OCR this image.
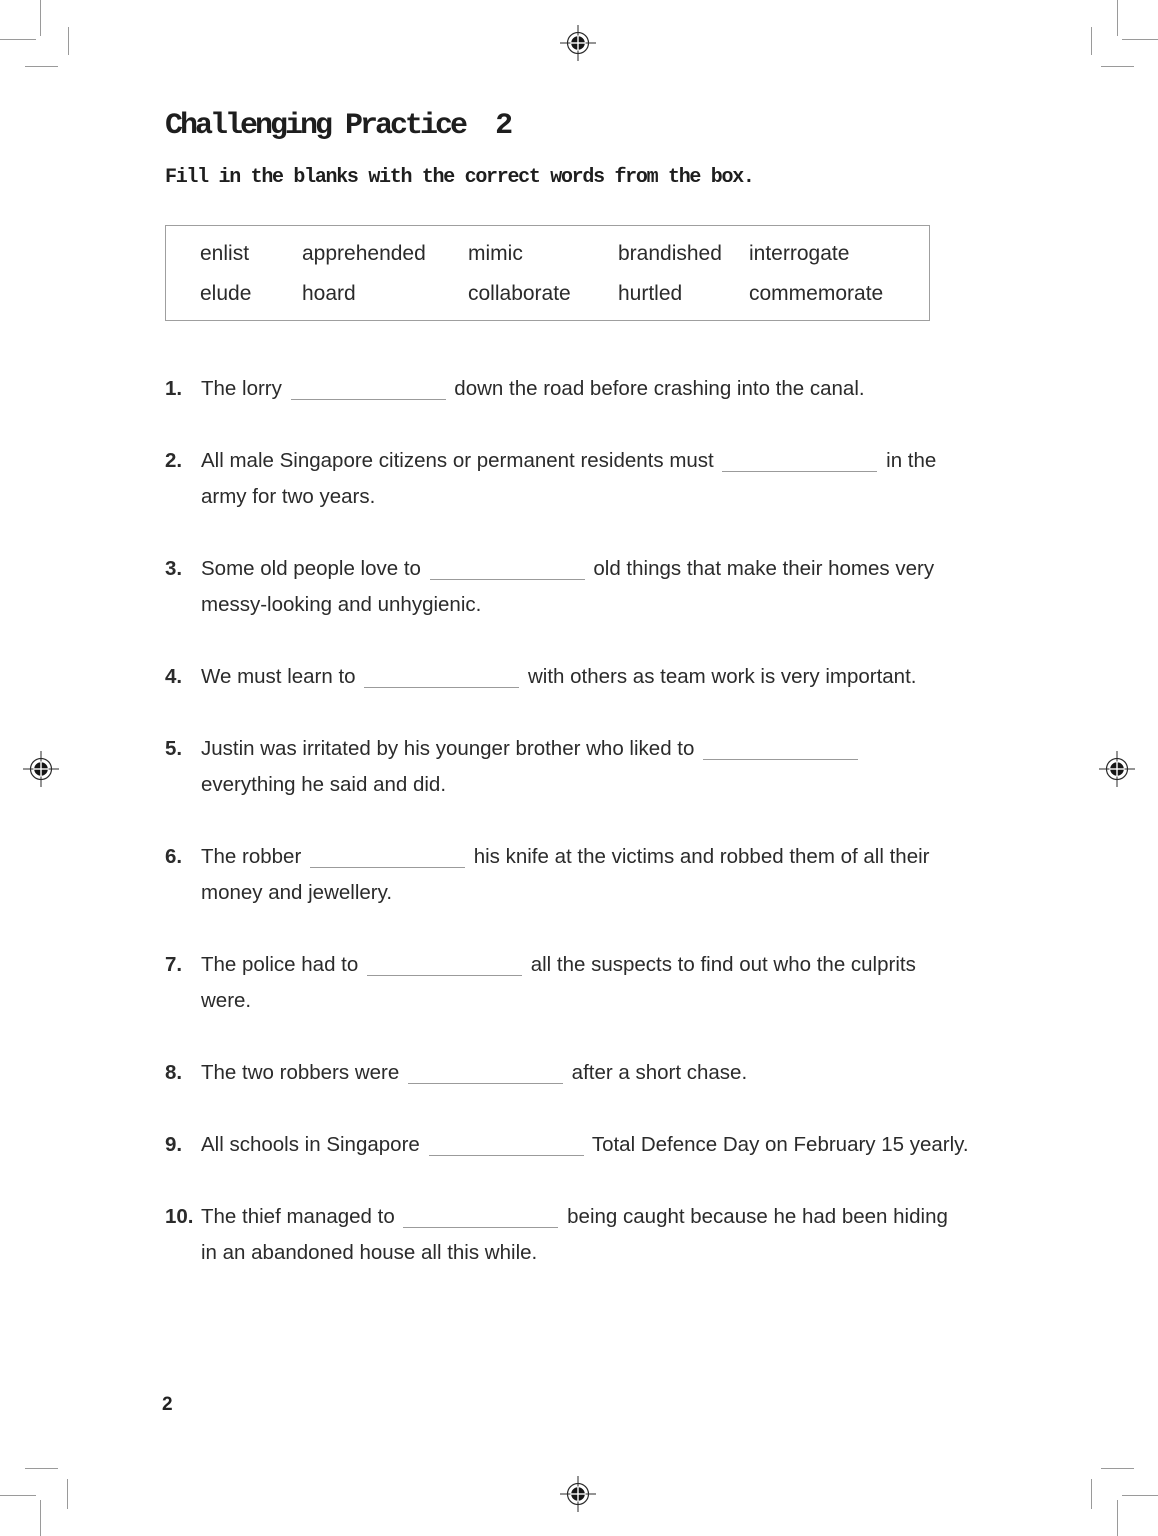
Challenging Practice  2

Fill in the blanks with the correct words from the box.

enlist	apprehended	mimic	brandished	interrogate
elude	hoard	collaborate	hurtled	commemorate
1. The lorry	down the road before crashing into the canal.
2. All male Singapore citizens or permanent residents must	in the
army for two years.
3. Some old people love to	old things that make their homes very
messy-looking and unhygienic.
4. We must learn to	with others as team work is very important.
5. Justin was irritated by his younger brother who liked to
everything he said and did.
6. The robber	his knife at the victims and robbed them of all their
money and jewellery.
7. The police had to	all the suspects to find out who the culprits
were.
8. The two robbers were	after a short chase.
9. All schools in Singapore	Total Defence Day on February 15 yearly.
10. The thief managed to	being caught because he had been hiding
in an abandoned house all this while.
2
